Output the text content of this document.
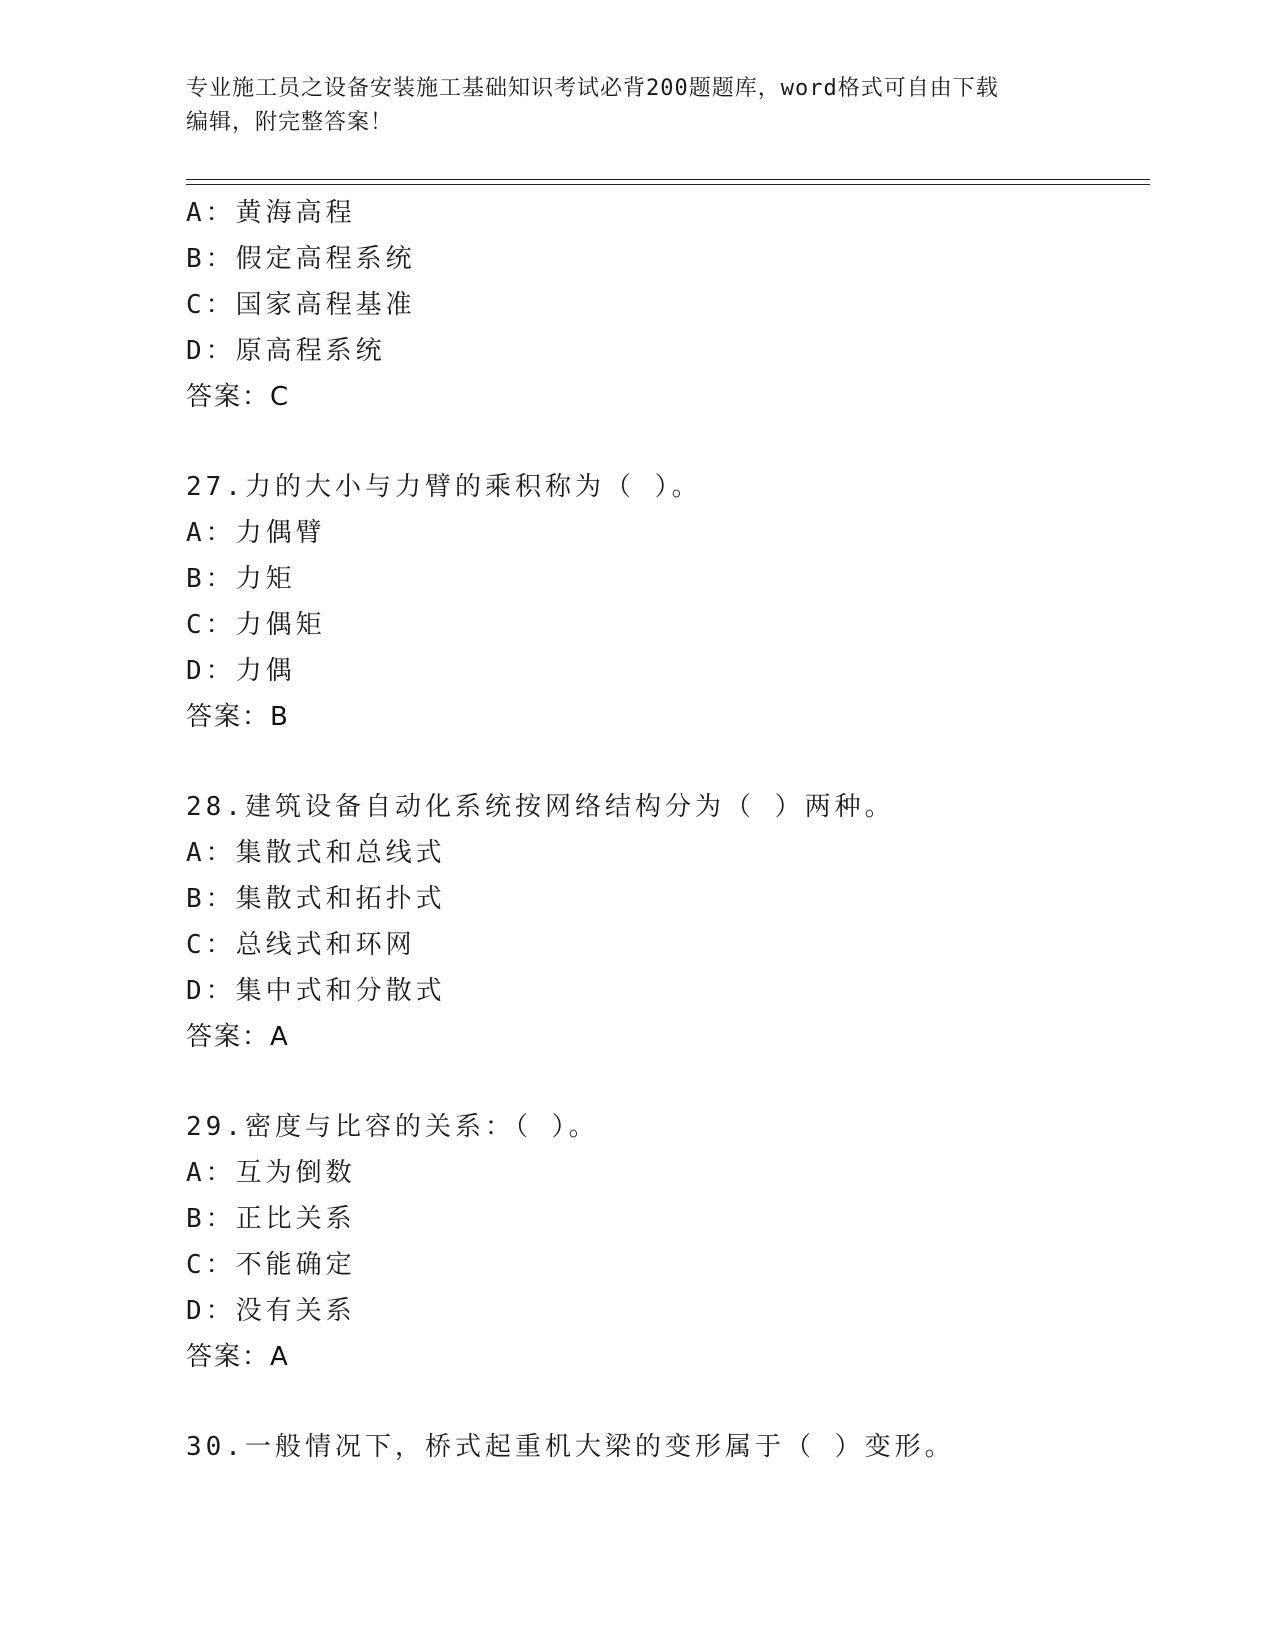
专业施工员之设备安装施工基础知识考试必背200题题库，word格式可自由下载
编辑，附完整答案！
A：黄海高程
B：假定高程系统
C：国家高程基准
D：原高程系统
答案：C
27.力的大小与力臂的乘积称为（ ）。
A：力偶臂
B：力矩
C：力偶矩
D：力偶
答案：B
28.建筑设备自动化系统按网络结构分为（ ）两种。
A：集散式和总线式
B：集散式和拓扑式
C：总线式和环网
D：集中式和分散式
答案：A
29.密度与比容的关系：（ ）。
A：互为倒数
B：正比关系
C：不能确定
D：没有关系
答案：A
30.一般情况下，桥式起重机大梁的变形属于（ ）变形。
